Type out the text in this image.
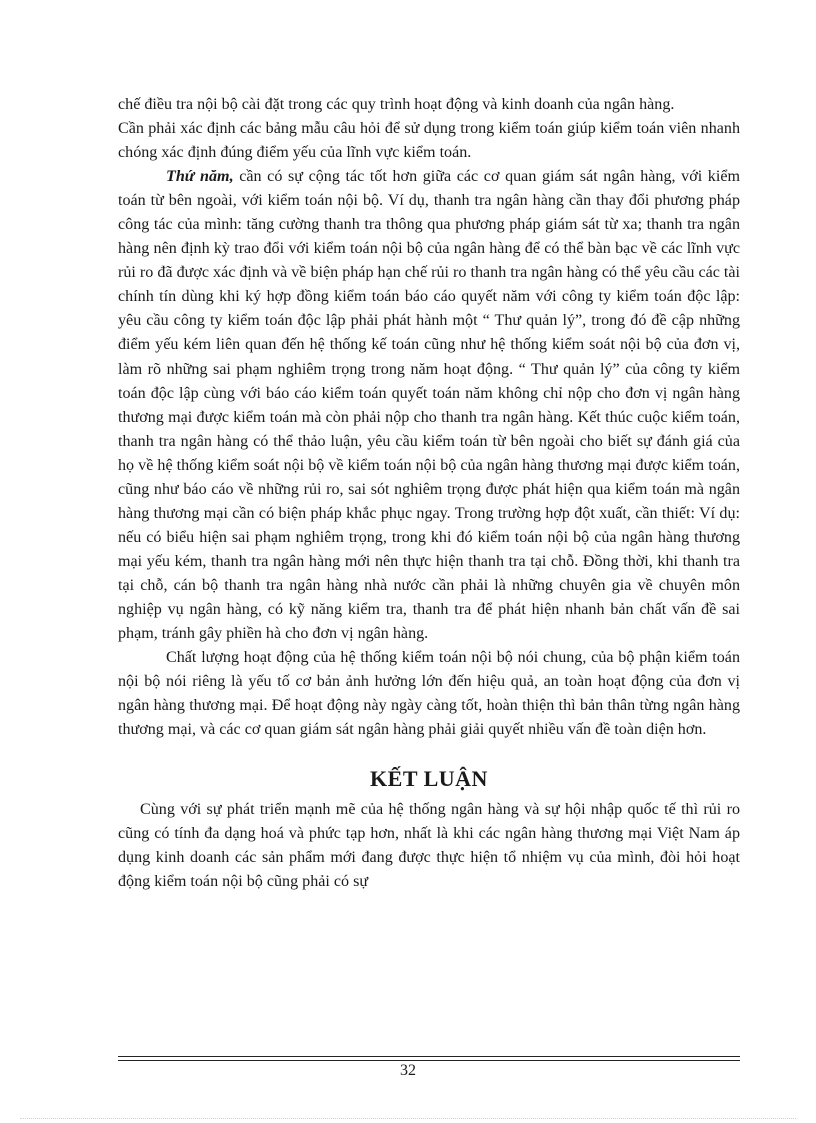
chế điều tra nội bộ cài đặt trong các quy trình hoạt động và kinh doanh của ngân hàng.

Cần phải xác định các bảng mẫu câu hỏi để sử dụng trong kiểm toán giúp kiểm toán viên nhanh chóng xác định đúng điểm yếu của lĩnh vực kiểm toán.

Thứ năm, cần có sự cộng tác tốt hơn giữa các cơ quan giám sát ngân hàng, với kiểm toán từ bên ngoài, với kiểm toán nội bộ. Ví dụ, thanh tra ngân hàng cần thay đổi phương pháp công tác của mình: tăng cường thanh tra thông qua phương pháp giám sát từ xa; thanh tra ngân hàng nên định kỳ trao đổi với kiểm toán nội bộ của ngân hàng để có thể bàn bạc về các lĩnh vực rủi ro đã được xác định và về biện pháp hạn chế rủi ro thanh tra ngân hàng có thể yêu cầu các tài chính tín dùng khi ký hợp đồng kiểm toán báo cáo quyết năm với công ty kiểm toán độc lập: yêu cầu công ty kiểm toán độc lập phải phát hành một “ Thư quản lý”, trong đó đề cập những điểm yếu kém liên quan đến hệ thống kế toán cũng như hệ thống kiểm soát nội bộ của đơn vị, làm rõ những sai phạm nghiêm trọng trong năm hoạt động. “ Thư quản lý” của công ty kiểm toán độc lập cùng với báo cáo kiểm toán quyết toán năm không chỉ nộp cho đơn vị ngân hàng thương mại được kiểm toán mà còn phải nộp cho thanh tra ngân hàng. Kết thúc cuộc kiểm toán, thanh tra ngân hàng có thể thảo luận, yêu cầu kiểm toán từ bên ngoài cho biết sự đánh giá của họ về hệ thống kiểm soát nội bộ về kiểm toán nội bộ của ngân hàng thương mại được kiểm toán, cũng như báo cáo về những rủi ro, sai sót nghiêm trọng được phát hiện qua kiểm toán mà ngân hàng thương mại cần có biện pháp khắc phục ngay. Trong trường hợp đột xuất, cần thiết: Ví dụ: nếu có biểu hiện sai phạm nghiêm trọng, trong khi đó kiểm toán nội bộ của ngân hàng thương mại yếu kém, thanh tra ngân hàng mới nên thực hiện thanh tra tại chỗ. Đồng thời, khi thanh tra tại chỗ, cán bộ thanh tra ngân hàng nhà nước cần phải là những chuyên gia về chuyên môn nghiệp vụ ngân hàng, có kỹ năng kiểm tra, thanh tra để phát hiện nhanh bản chất vấn đề sai phạm, tránh gây phiền hà cho đơn vị ngân hàng.

Chất lượng hoạt động của hệ thống kiểm toán nội bộ nói chung, của bộ phận kiểm toán nội bộ nói riêng là yếu tố cơ bản ảnh hưởng lớn đến hiệu quả, an toàn hoạt động của đơn vị ngân hàng thương mại. Để hoạt động này ngày càng tốt, hoàn thiện thì bản thân từng ngân hàng thương mại, và các cơ quan giám sát ngân hàng phải giải quyết nhiều vấn đề toàn diện hơn.

KẾT LUẬN

Cùng với sự phát triển mạnh mẽ của hệ thống ngân hàng và sự hội nhập quốc tế thì rủi ro cũng có tính đa dạng hoá và phức tạp hơn, nhất là khi các ngân hàng thương mại Việt Nam áp dụng kinh doanh các sản phẩm mới đang được thực hiện tổ nhiệm vụ của mình, đòi hỏi hoạt động kiểm toán nội bộ cũng phải có sự

32
